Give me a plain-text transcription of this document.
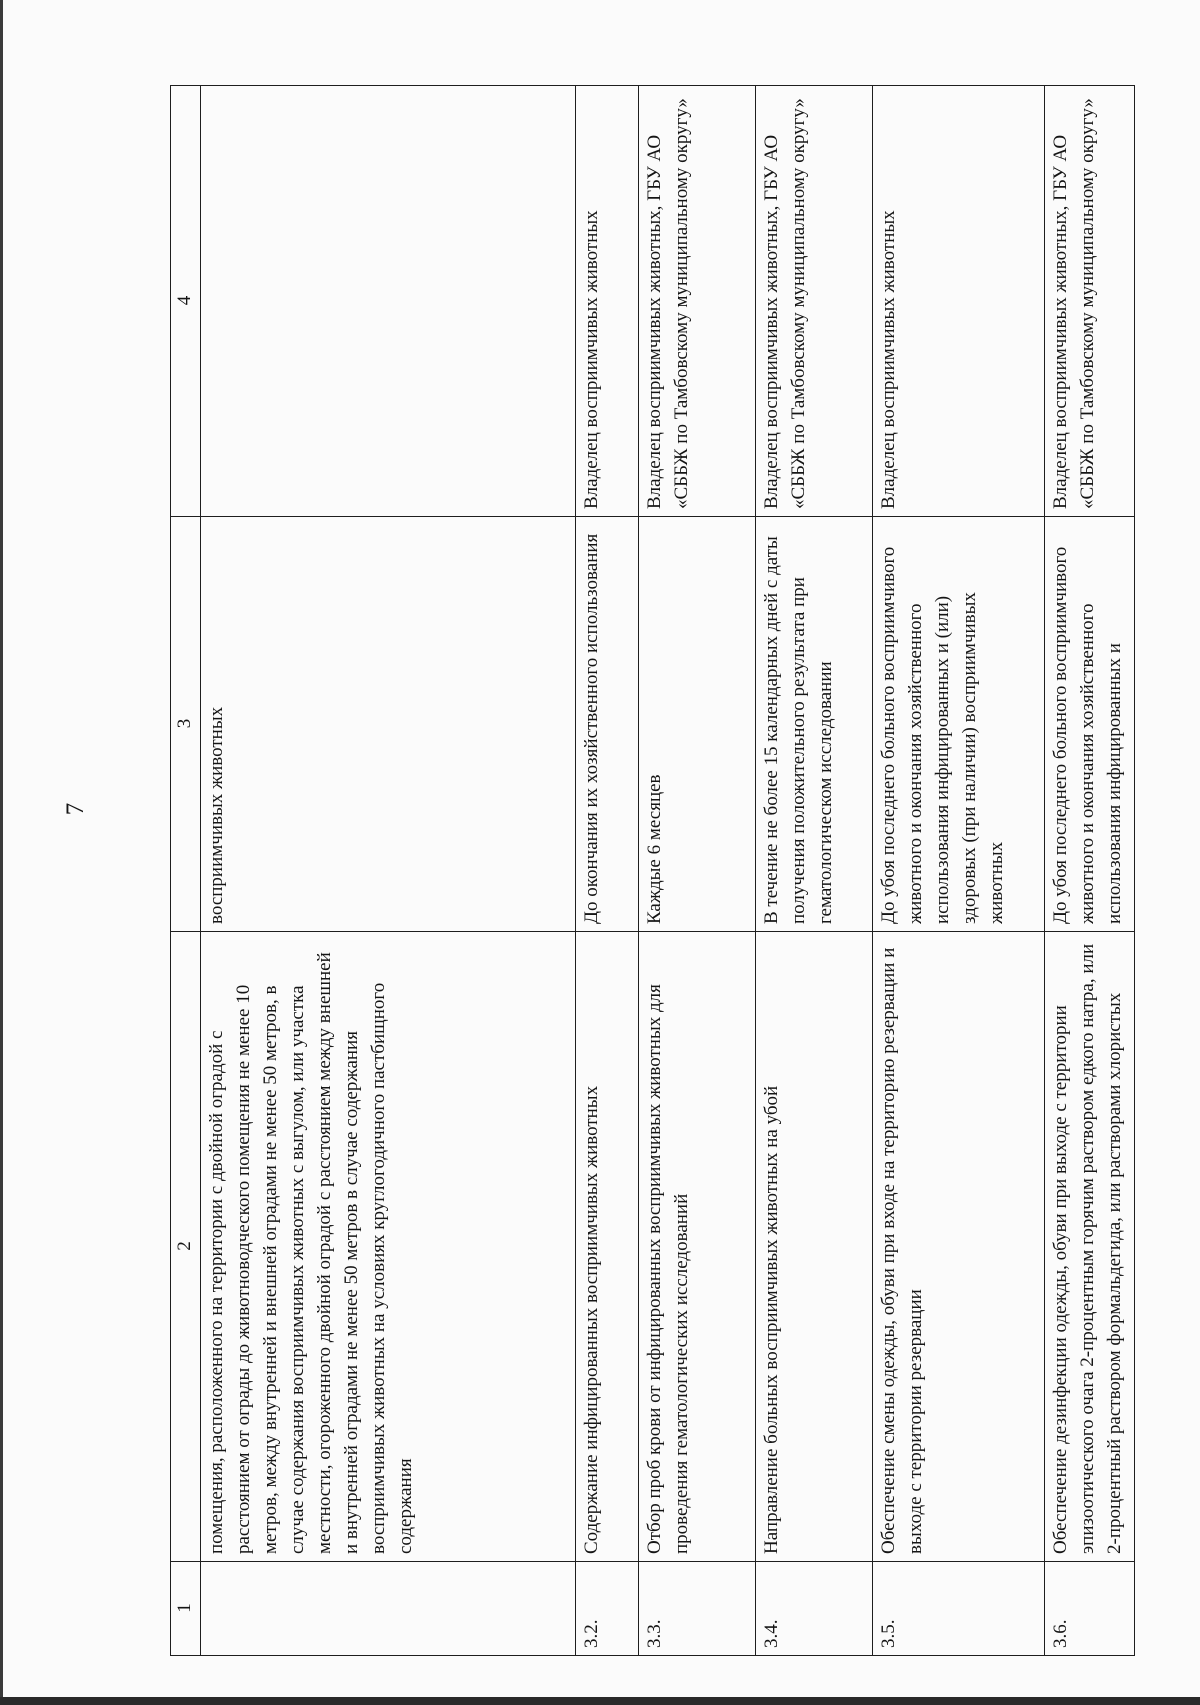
7
1	2	3	4

	помещения, расположенного на территории с двойной оградой с расстоянием от ограды до животноводческого помещения не менее 10 метров, между внутренней и внешней оградами не менее 50 метров, в случае содержания восприимчивых животных с выгулом, или участка местности, огороженного двойной оградой с расстоянием между внешней и внутренней оградами не менее 50 метров в случае содержания восприимчивых животных на условиях круглогодичного пастбищного содержания	восприимчивых животных	

3.2.	Содержание инфицированных восприимчивых животных	До окончания их хозяйственного использования	Владелец восприимчивых животных

3.3.	Отбор проб крови от инфицированных восприимчивых животных для проведения гематологических исследований	Каждые 6 месяцев	Владелец восприимчивых животных, ГБУ АО «СББЖ по Тамбовскому муниципальному округу»

3.4.	Направление больных восприимчивых животных на убой	В течение не более 15 календарных дней с даты получения положительного результата при гематологическом исследовании	Владелец восприимчивых животных, ГБУ АО «СББЖ по Тамбовскому муниципальному округу»

3.5.	Обеспечение смены одежды, обуви при входе на территорию резервации и выходе с территории резервации	До убоя последнего больного восприимчивого животного и окончания хозяйственного использования инфицированных и (или) здоровых (при наличии) восприимчивых животных	Владелец восприимчивых животных

3.6.	Обеспечение дезинфекции одежды, обуви при выходе с территории эпизоотического очага 2-процентным горячим раствором едкого натра, или 2-процентный раствором формальдегида, или растворами хлористых	До убоя последнего больного восприимчивого животного и окончания хозяйственного использования инфицированных и	Владелец восприимчивых животных, ГБУ АО «СББЖ по Тамбовскому муниципальному округу»
